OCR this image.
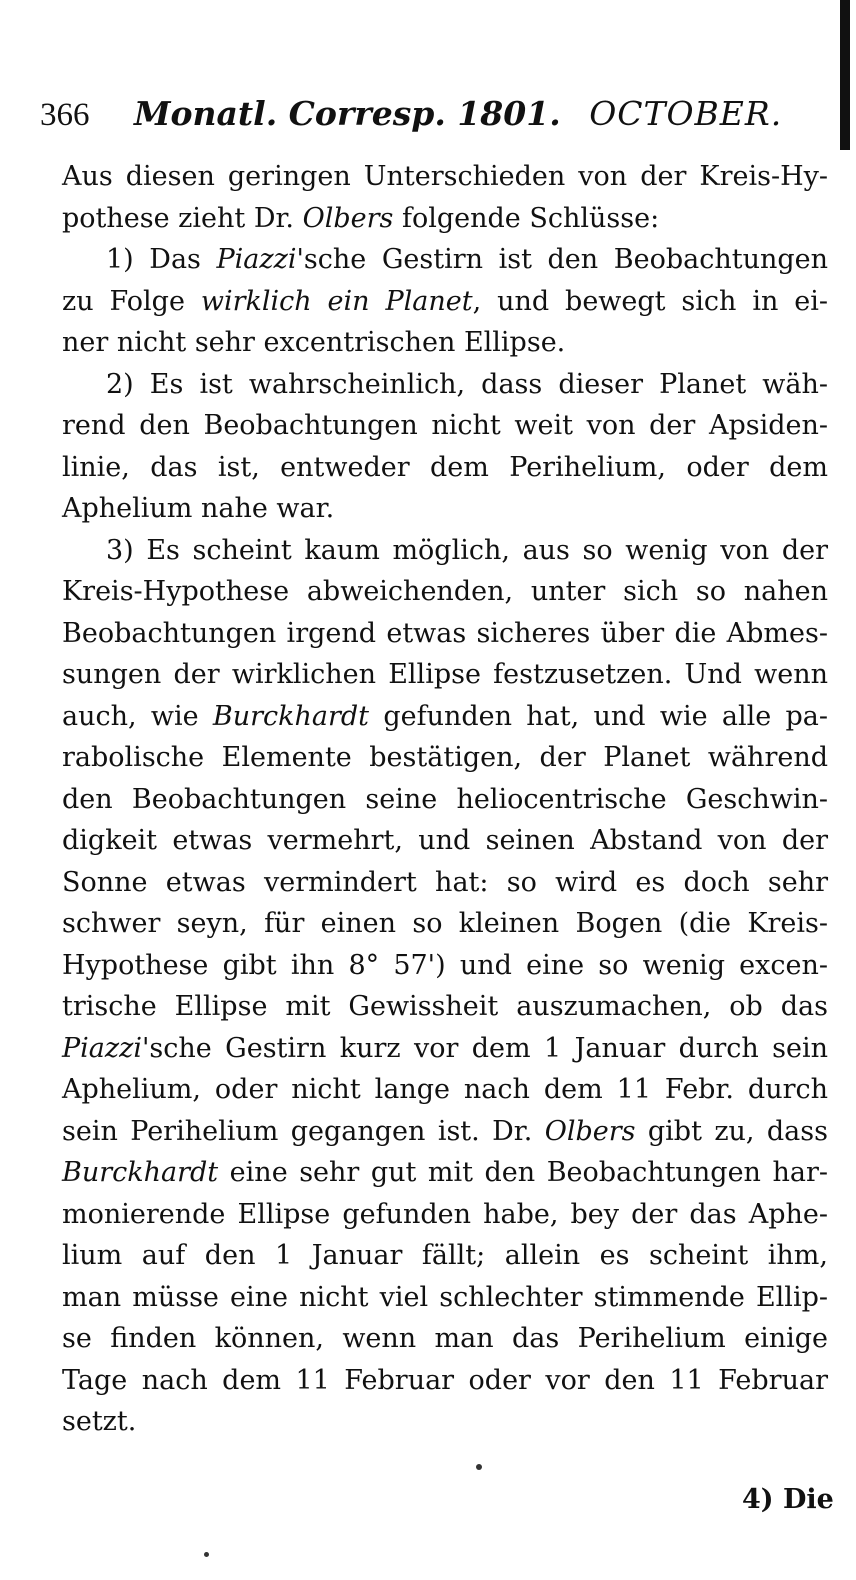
366 Monatl. Corresp. 1801. OCTOBER.
Aus diesen geringen Unterschieden von der Kreis-Hy-
pothese zieht Dr. Olbers folgende Schlüsse:
1) Das Piazzi'sche Gestirn ist den Beobachtungen
zu Folge wirklich ein Planet, und bewegt sich in ei-
ner nicht sehr excentrischen Ellipse.
2) Es ist wahrscheinlich, dass dieser Planet wäh-
rend den Beobachtungen nicht weit von der Apsiden-
linie, das ist, entweder dem Perihelium, oder dem
Aphelium nahe war.
3) Es scheint kaum möglich, aus so wenig von der
Kreis-Hypothese abweichenden, unter sich so nahen
Beobachtungen irgend etwas sicheres über die Abmes-
sungen der wirklichen Ellipse festzusetzen. Und wenn
auch, wie Burckhardt gefunden hat, und wie alle pa-
rabolische Elemente bestätigen, der Planet während
den Beobachtungen seine heliocentrische Geschwin-
digkeit etwas vermehrt, und seinen Abstand von der
Sonne etwas vermindert hat: so wird es doch sehr
schwer seyn, für einen so kleinen Bogen (die Kreis-
Hypothese gibt ihn 8° 57') und eine so wenig excen-
trische Ellipse mit Gewissheit auszumachen, ob das
Piazzi'sche Gestirn kurz vor dem 1 Januar durch sein
Aphelium, oder nicht lange nach dem 11 Febr. durch
sein Perihelium gegangen ist. Dr. Olbers gibt zu, dass
Burckhardt eine sehr gut mit den Beobachtungen har-
monierende Ellipse gefunden habe, bey der das Aphe-
lium auf den 1 Januar fällt; allein es scheint ihm,
man müsse eine nicht viel schlechter stimmende Ellip-
se finden können, wenn man das Perihelium einige
Tage nach dem 11 Februar oder vor den 11 Februar
setzt.
4) Die
